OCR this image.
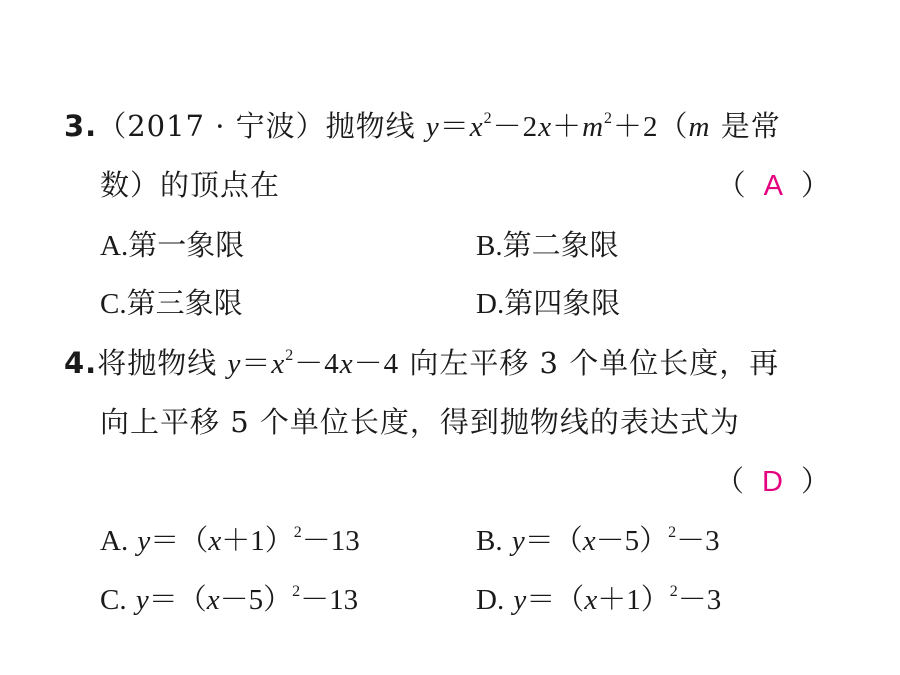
3.（2017 · 宁波）抛物线 $y=x^2-2x+m^2+2(m$ 是常
数）的顶点在	（ A ）
A.第一象限	B.第二象限
C.第三象限	D.第四象限
4.将抛物线 $y=x^2-4x-4$ 向左平移 3 个单位长度，再
向上平移 5 个单位长度，得到抛物线的表达式为
（ D ）
A. $y=(x+1)^2-13$	B. $y=(x-5)^2-3$
C. $y=(x-5)^2-13$	D. $y=(x+1)^2-3$
